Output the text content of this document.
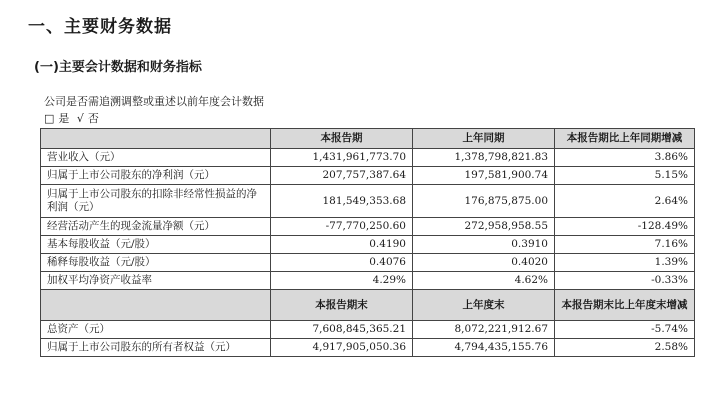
一、主要财务数据
(一)主要会计数据和财务指标
公司是否需追溯调整或重述以前年度会计数据
□ 是 √ 否
	本报告期	上年同期	本报告期比上年同期增减
营业收入（元）	1,431,961,773.70	1,378,798,821.83	3.86%
归属于上市公司股东的净利润（元）	207,757,387.64	197,581,900.74	5.15%
归属于上市公司股东的扣除非经常性损益的净利润（元）	181,549,353.68	176,875,875.00	2.64%
经营活动产生的现金流量净额（元）	-77,770,250.60	272,958,958.55	-128.49%
基本每股收益（元/股）	0.4190	0.3910	7.16%
稀释每股收益（元/股）	0.4076	0.4020	1.39%
加权平均净资产收益率	4.29%	4.62%	-0.33%
	本报告期末	上年度末	本报告期末比上年度末增减
总资产（元）	7,608,845,365.21	8,072,221,912.67	-5.74%
归属于上市公司股东的所有者权益（元）	4,917,905,050.36	4,794,435,155.76	2.58%
